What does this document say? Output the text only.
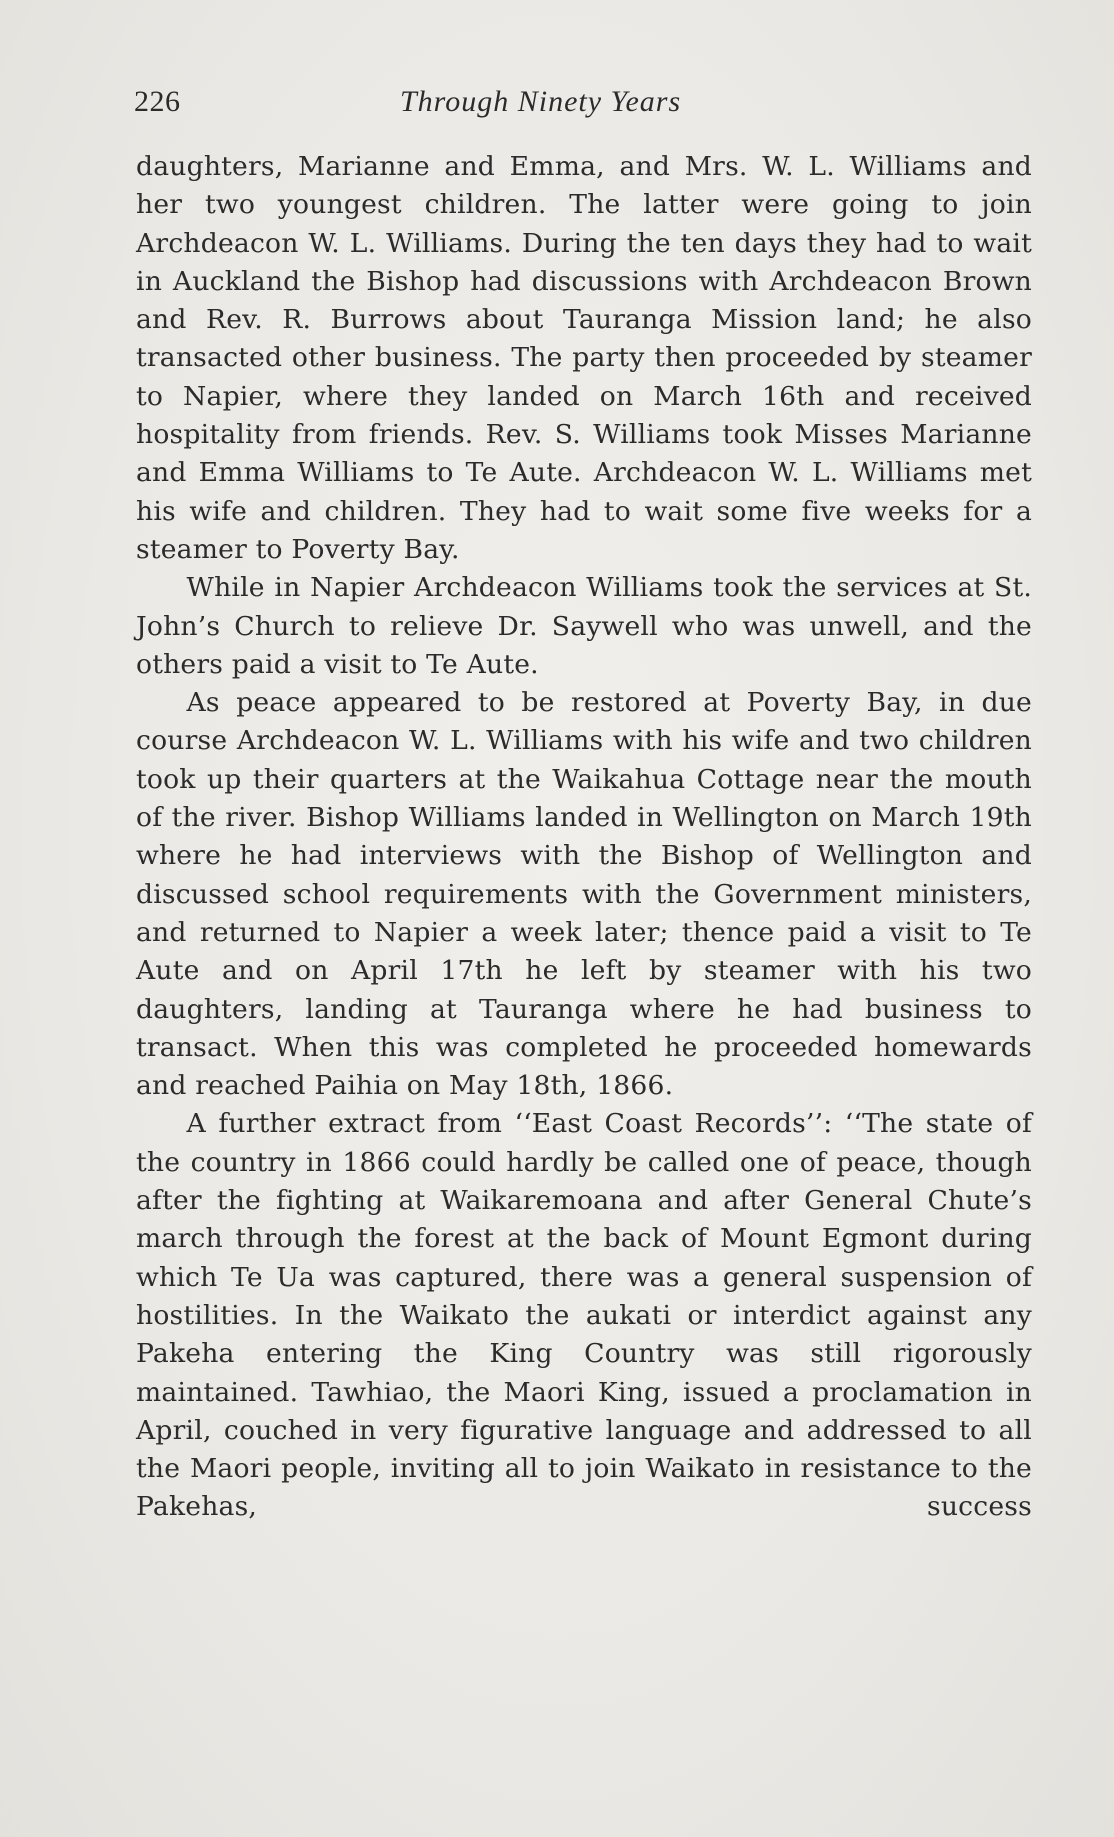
226	Through Ninety Years

daughters, Marianne and Emma, and Mrs. W. L. Williams and her two youngest children. The latter were going to join Archdeacon W. L. Williams. During the ten days they had to wait in Auckland the Bishop had discussions with Archdeacon Brown and Rev. R. Burrows about Tauranga Mission land; he also transacted other business. The party then proceeded by steamer to Napier, where they landed on March 16th and received hospitality from friends. Rev. S. Williams took Misses Marianne and Emma Williams to Te Aute. Archdeacon W. L. Williams met his wife and children. They had to wait some five weeks for a steamer to Poverty Bay.

While in Napier Archdeacon Williams took the services at St. John’s Church to relieve Dr. Saywell who was unwell, and the others paid a visit to Te Aute.

As peace appeared to be restored at Poverty Bay, in due course Archdeacon W. L. Williams with his wife and two children took up their quarters at the Waikahua Cottage near the mouth of the river. Bishop Williams landed in Wellington on March 19th where he had interviews with the Bishop of Wellington and discussed school requirements with the Government ministers, and returned to Napier a week later; thence paid a visit to Te Aute and on April 17th he left by steamer with his two daughters, landing at Tauranga where he had business to transact. When this was completed he proceeded homewards and reached Paihia on May 18th, 1866.

A further extract from ‘‘East Coast Records’’: ‘‘The state of the country in 1866 could hardly be called one of peace, though after the fighting at Waikaremoana and after General Chute’s march through the forest at the back of Mount Egmont during which Te Ua was captured, there was a general suspension of hostilities. In the Waikato the aukati or interdict against any Pakeha entering the King Country was still rigorously maintained. Tawhiao, the Maori King, issued a proclamation in April, couched in very figurative language and addressed to all the Maori people, inviting all to join Waikato in resistance to the Pakehas, success
